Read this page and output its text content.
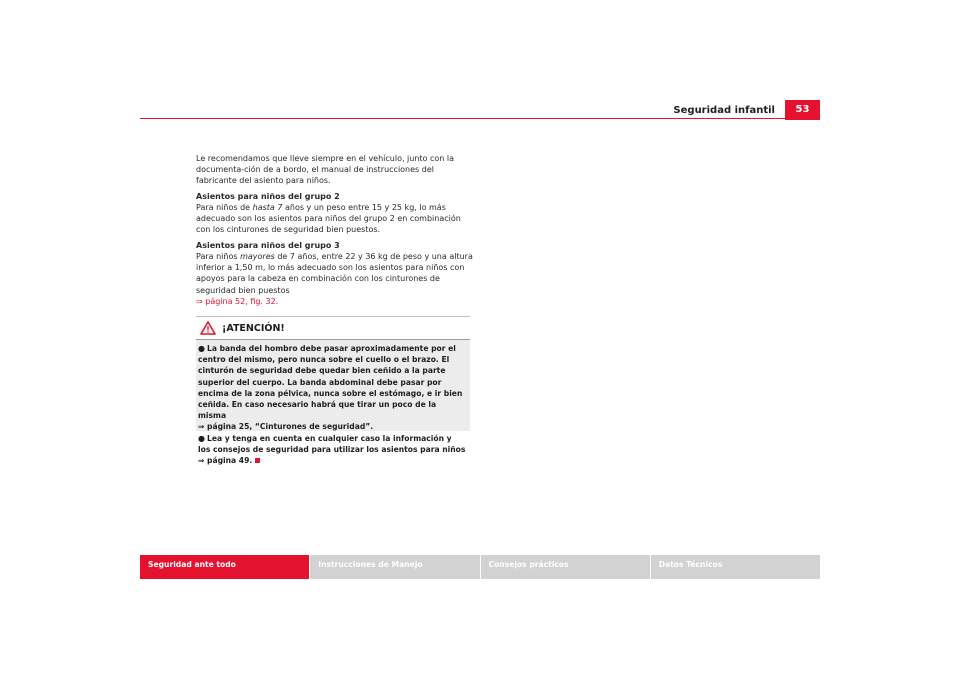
Seguridad infantil	53

Le recomendamos que lleve siempre en el vehículo, junto con la documenta-ción de a bordo, el manual de instrucciones del fabricante del asiento para niños.

Asientos para niños del grupo 2

Para niños de hasta 7 años y un peso entre 15 y 25 kg, lo más adecuado son los asientos para niños del grupo 2 en combinación con los cinturones de seguridad bien puestos.

Asientos para niños del grupo 3

Para niños mayores de 7 años, entre 22 y 36 kg de peso y una altura inferior a 1,50 m, lo más adecuado son los asientos para niños con apoyos para la cabeza en combinación con los cinturones de seguridad bien puestos
⇒ página 52, fig. 32.

¡ATENCIÓN!

● La banda del hombro debe pasar aproximadamente por el centro del mismo, pero nunca sobre el cuello o el brazo. El cinturón de seguridad debe quedar bien ceñido a la parte superior del cuerpo. La banda abdominal debe pasar por encima de la zona pélvica, nunca sobre el estómago, e ir bien ceñida. En caso necesario habrá que tirar un poco de la misma
⇒ página 25, “Cinturones de seguridad”.

● Lea y tenga en cuenta en cualquier caso la información y los consejos de seguridad para utilizar los asientos para niños ⇒ página 49.

Seguridad ante todo	Instrucciones de Manejo	Consejos prácticos	Datos Técnicos
